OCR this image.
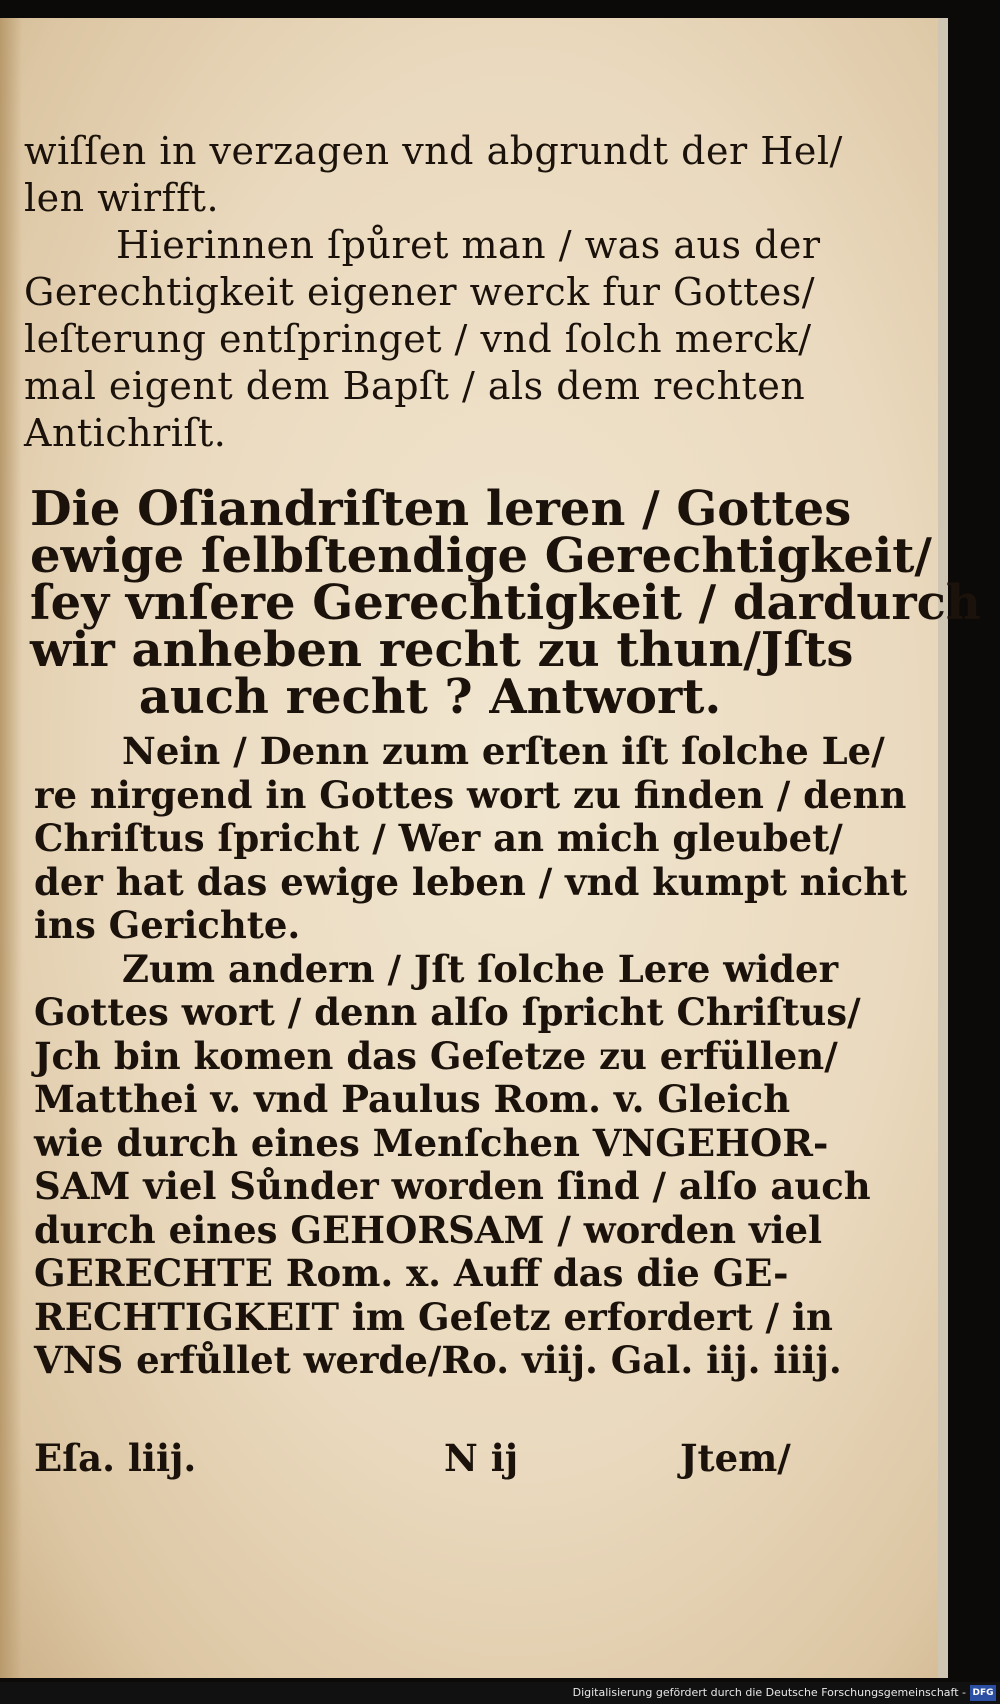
wiſſen in verzagen vnd abgrundt der Hel/
len wirfft.
Hierinnen ſpůret man / was aus der
Gerechtigkeit eigener werck fur Gottes/
leſterung entſpringet / vnd ſolch merck/
mal eigent dem Bapſt / als dem rechten
Antichriſt.
Die Oſiandriſten leren / Gottes
ewige ſelbſtendige Gerechtigkeit/
ſey vnſere Gerechtigkeit / dardurch
wir anheben recht zu thun/Jſts
auch recht ? Antwort.
Nein / Denn zum erſten iſt ſolche Le/
re nirgend in Gottes wort zu finden / denn
Chriſtus ſpricht / Wer an mich gleubet/
der hat das ewige leben / vnd kumpt nicht
ins Gerichte.
Zum andern / Jſt ſolche Lere wider
Gottes wort / denn alſo ſpricht Chriſtus/
Jch bin komen das Geſetze zu erfüllen/
Matthei v. vnd Paulus Rom. v. Gleich
wie durch eines Menſchen VNGEHOR-
SAM viel Sůnder worden ſind / alſo auch
durch eines GEHORSAM / worden viel
GERECHTE Rom. x. Auff das die GE-
RECHTIGKEIT im Geſetz erfordert / in
VNS erfůllet werde/Ro. viij. Gal. iij. iiij.
Eſa. liij.	N ij	Jtem/
Digitalisierung gefördert durch die Deutsche Forschungsgemeinschaft - DFG
